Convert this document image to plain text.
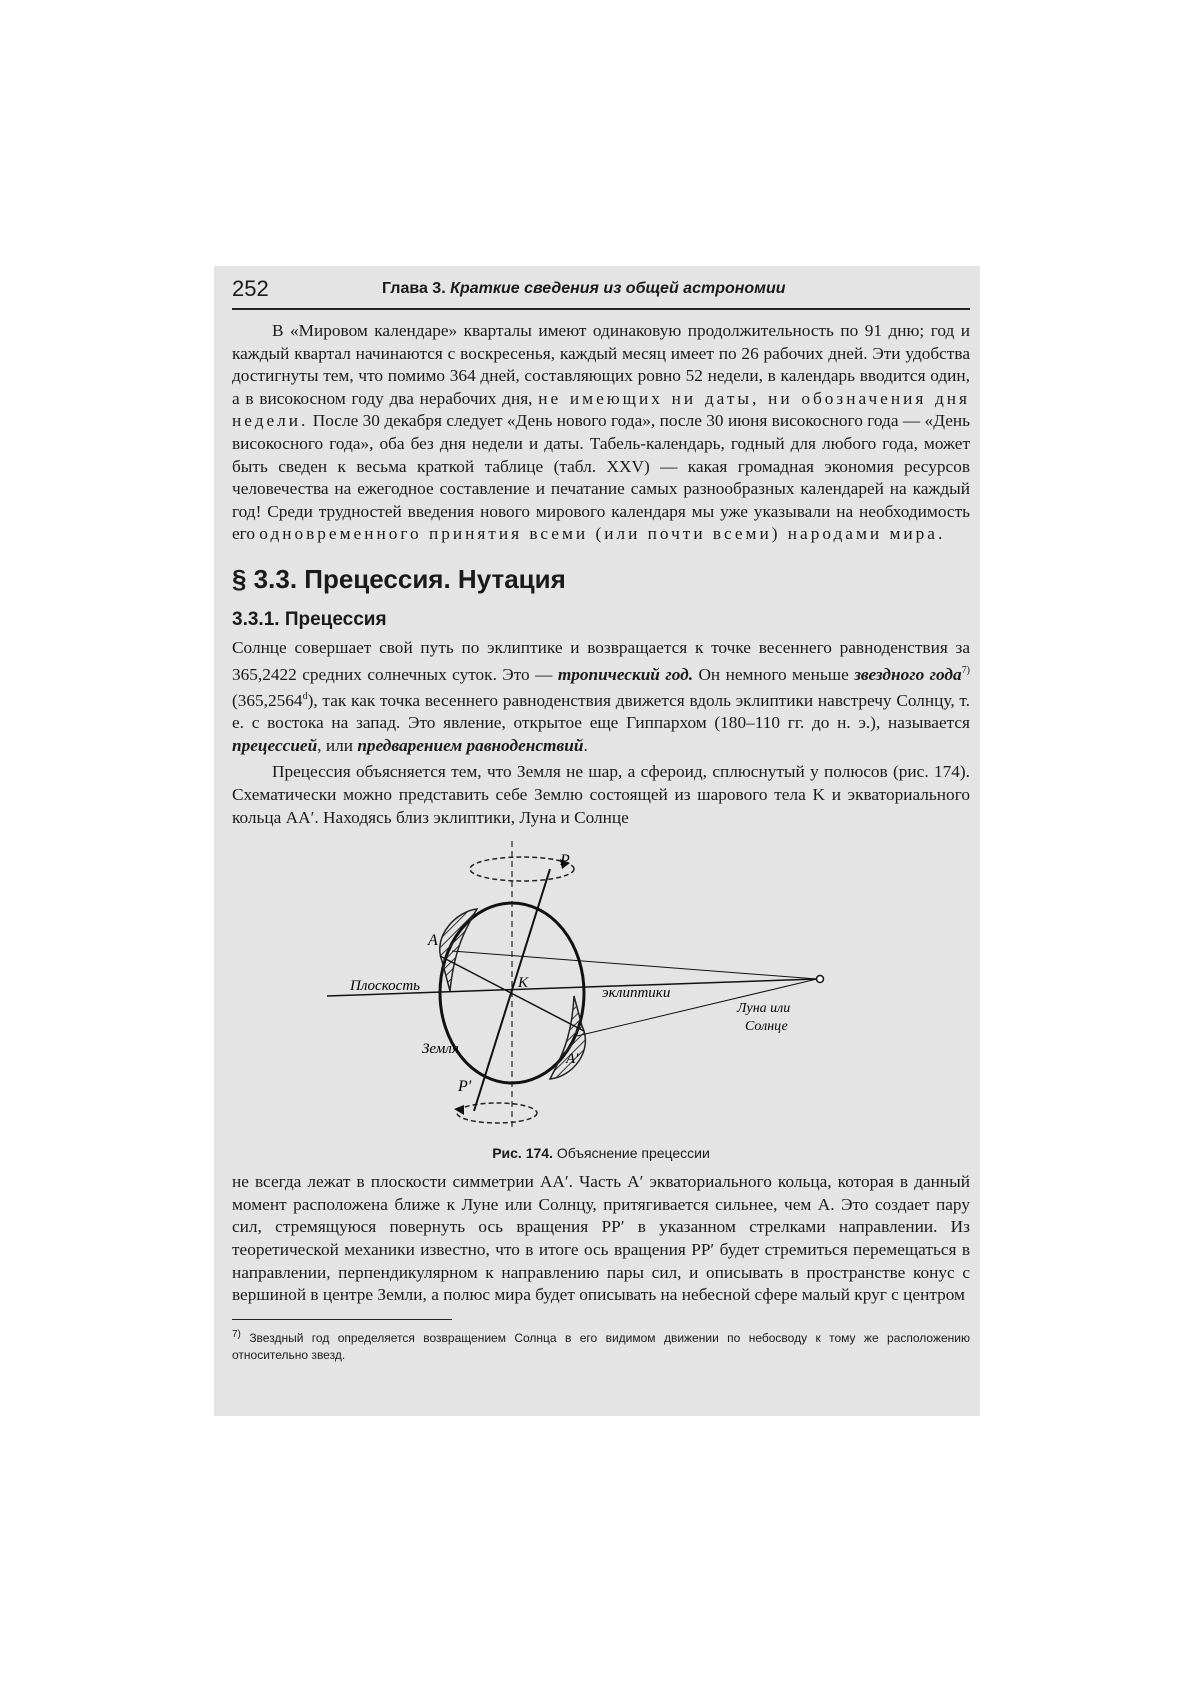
252	Глава 3. Краткие сведения из общей астрономии

В «Мировом календаре» кварталы имеют одинаковую продолжительность по 91 дню; год и каждый квартал начинаются с воскресенья, каждый месяц имеет по 26 рабочих дней. Эти удобства достигнуты тем, что помимо 364 дней, составляющих ровно 52 недели, в календарь вводится один, а в високосном году два нерабочих дня, не имеющих ни даты, ни обозначения дня недели. После 30 декабря следует «День нового года», после 30 июня високосного года — «День високосного года», оба без дня недели и даты. Табель-календарь, годный для любого года, может быть сведен к весьма краткой таблице (табл. XXV) — какая громадная экономия ресурсов человечества на ежегодное составление и печатание самых разнообразных календарей на каждый год! Среди трудностей введения нового мирового календаря мы уже указывали на необходимость его одновременного принятия всеми (или почти всеми) народами мира.

§ 3.3. Прецессия. Нутация
3.3.1. Прецессия

Солнце совершает свой путь по эклиптике и возвращается к точке весеннего равноденствия за 365,2422 средних солнечных суток. Это — тропический год. Он немного меньше звездного года$^{7)}$ (365,2564$^d$), так как точка весеннего равноденствия движется вдоль эклиптики навстречу Солнцу, т. е. с востока на запад. Это явление, открытое еще Гиппархом (180–110 гг. до н. э.), называется прецессией, или предварением равноденствий.

Прецессия объясняется тем, что Земля не шар, а сфероид, сплюснутый у полюсов (рис. 174). Схематически можно представить себе Землю состоящей из шарового тела K и экваториального кольца AA′. Находясь близ эклиптики, Луна и Солнце

P
P′
A
A′
K
Плоскость	эклиптики
Земля
Луна или
Солнце
Рис. 174. Объяснение прецессии

не всегда лежат в плоскости симметрии AA′. Часть A′ экваториального кольца, которая в данный момент расположена ближе к Луне или Солнцу, притягивается сильнее, чем A. Это создает пару сил, стремящуюся повернуть ось вращения PP′ в указанном стрелками направлении. Из теоретической механики известно, что в итоге ось вращения PP′ будет стремиться перемещаться в направлении, перпендикулярном к направлению пары сил, и описывать в пространстве конус с вершиной в центре Земли, а полюс мира будет описывать на небесной сфере малый круг с центром

$^{7)}$ Звездный год определяется возвращением Солнца в его видимом движении по небосводу к тому же расположению относительно звезд.
